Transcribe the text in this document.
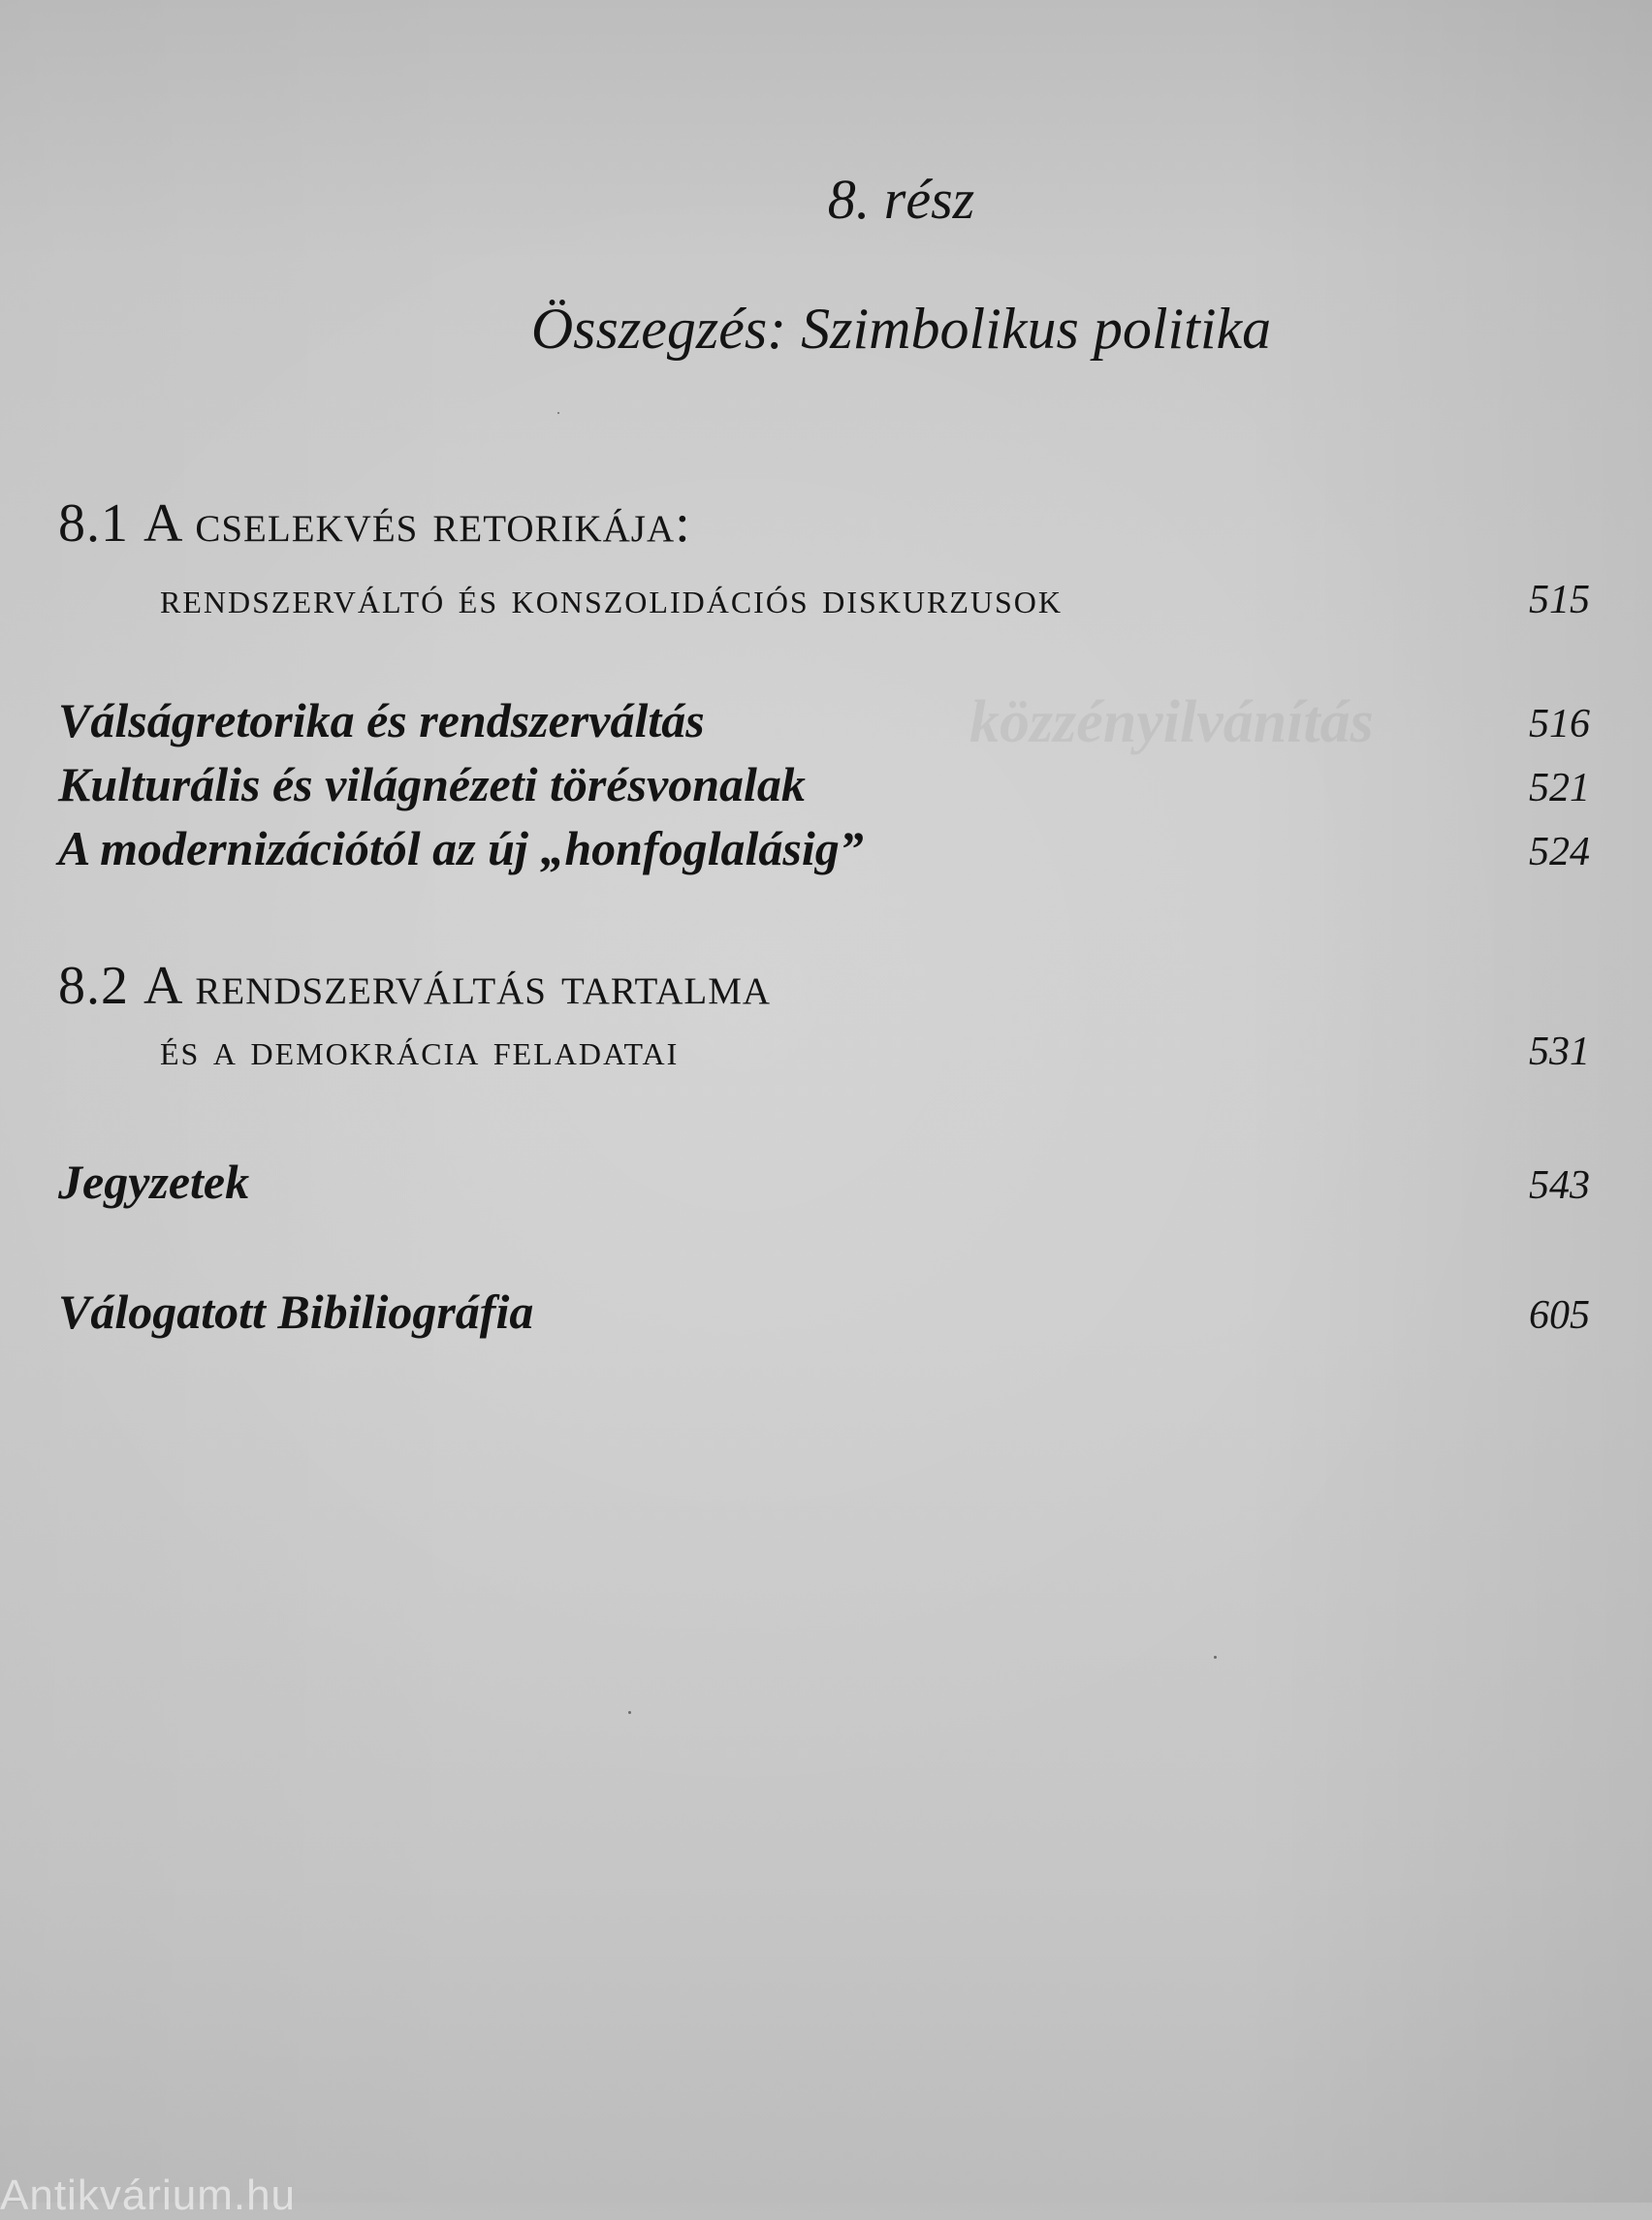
8. rész
Összegzés: Szimbolikus politika
8.1 A cselekvés retorikája:
rendszerváltó és konszolidációs diskurzusok	515
Válságretorika és rendszerváltás	516
Kulturális és világnézeti törésvonalak	521
A modernizációtól az új „honfoglalásig”	524
8.2 A rendszerváltás tartalma
és a demokrácia feladatai	531
Jegyzetek	543
Válogatott Bibiliográfia	605
közzényilvánítás
Antikvárium.hu
